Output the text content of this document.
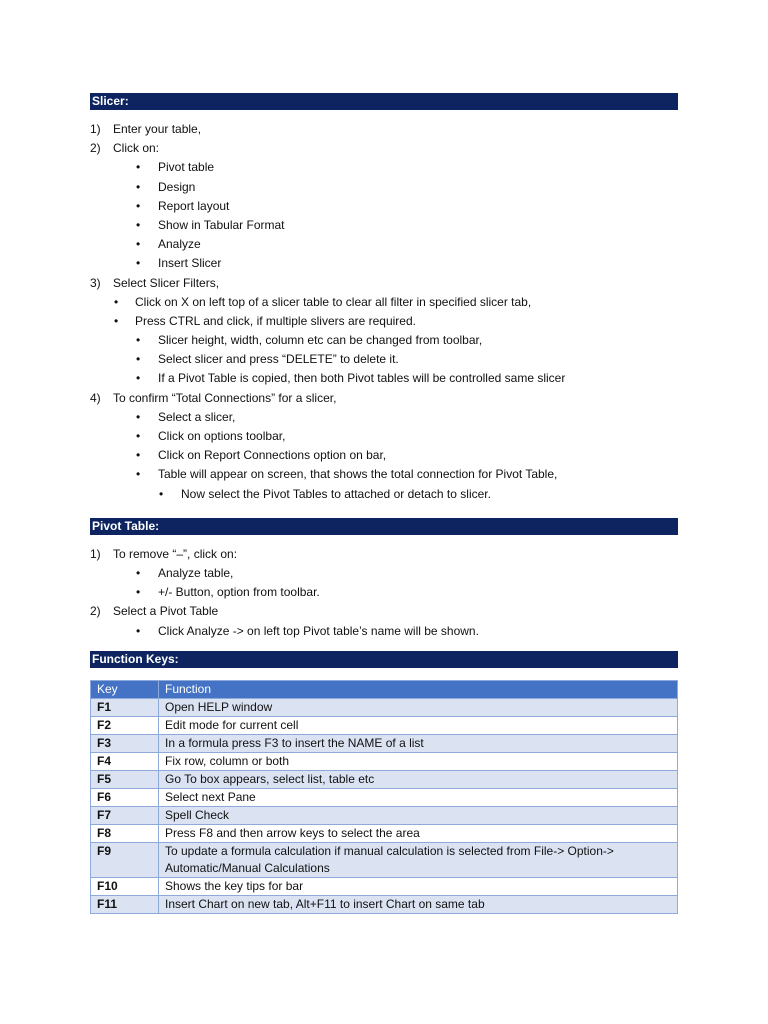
Slicer:
1) Enter your table,
2) Click on:
• Pivot table
• Design
• Report layout
• Show in Tabular Format
• Analyze
• Insert Slicer
3) Select Slicer Filters,
• Click on X on left top of a slicer table to clear all filter in specified slicer tab,
• Press CTRL and click, if multiple slivers are required.
• Slicer height, width, column etc can be changed from toolbar,
• Select slicer and press “DELETE” to delete it.
• If a Pivot Table is copied, then both Pivot tables will be controlled same slicer
4) To confirm “Total Connections” for a slicer,
• Select a slicer,
• Click on options toolbar,
• Click on Report Connections option on bar,
• Table will appear on screen, that shows the total connection for Pivot Table,
• Now select the Pivot Tables to attached or detach to slicer.
Pivot Table:
1) To remove “–”, click on:
• Analyze table,
• +/- Button, option from toolbar.
2) Select a Pivot Table
• Click Analyze -> on left top Pivot table’s name will be shown.
Function Keys:
Key	Function
F1	Open HELP window
F2	Edit mode for current cell
F3	In a formula press F3 to insert the NAME of a list
F4	Fix row, column or both
F5	Go To box appears, select list, table etc
F6	Select next Pane
F7	Spell Check
F8	Press F8 and then arrow keys to select the area
F9	To update a formula calculation if manual calculation is selected from File-> Option-> Automatic/Manual Calculations
F10	Shows the key tips for bar
F11	Insert Chart on new tab, Alt+F11 to insert Chart on same tab
